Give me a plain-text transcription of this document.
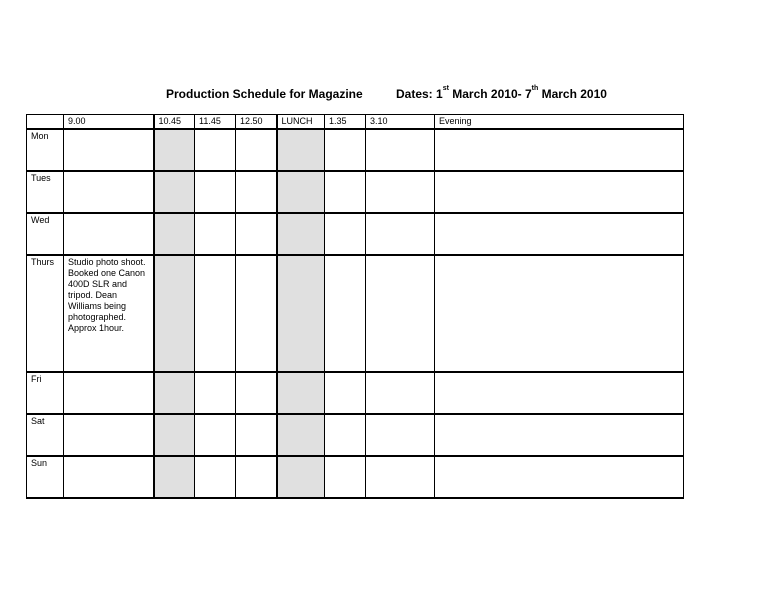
Production Schedule for Magazine	Dates: 1st March 2010- 7th March 2010
	9.00	10.45	11.45	12.50	LUNCH	1.35	3.10	Evening
Mon								
Tues								
Wed								
Thurs	Studio photo shoot. Booked one Canon 400D SLR and tripod. Dean Williams being photographed. Approx 1hour.							
Fri								
Sat								
Sun								
